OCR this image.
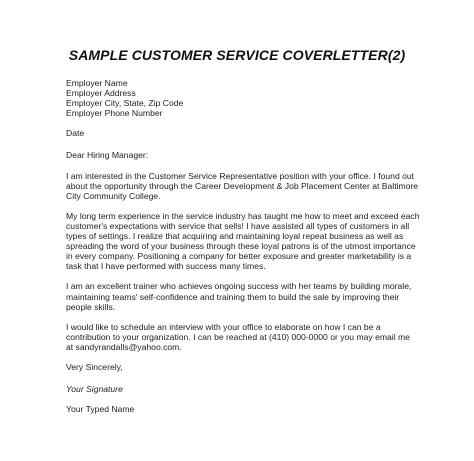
SAMPLE CUSTOMER SERVICE COVERLETTER(2)
Employer Name
Employer Address
Employer City, State, Zip Code
Employer Phone Number
Date
Dear Hiring Manager:
I am interested in the Customer Service Representative position with your office. I found out
about the opportunity through the Career Development & Job Placement Center at Baltimore
City Community College.
My long term experience in the service industry has taught me how to meet and exceed each
customer's expectations with service that sells! I have assisted all types of customers in all
types of settings. I realize that acquiring and maintaining loyal repeat business as well as
spreading the word of your business through these loyal patrons is of the utmost importance
in every company. Positioning a company for better exposure and greater marketability is a
task that I have performed with success many times.
I am an excellent trainer who achieves ongoing success with her teams by building morale,
maintaining teams' self-confidence and training them to build the sale by improving their
people skills.
I would like to schedule an interview with your office to elaborate on how I can be a
contribution to your organization. I can be reached at (410) 000-0000 or you may email me
at sandyrandalls@yahoo.com.
Very Sincerely,
Your Signature
Your Typed Name
